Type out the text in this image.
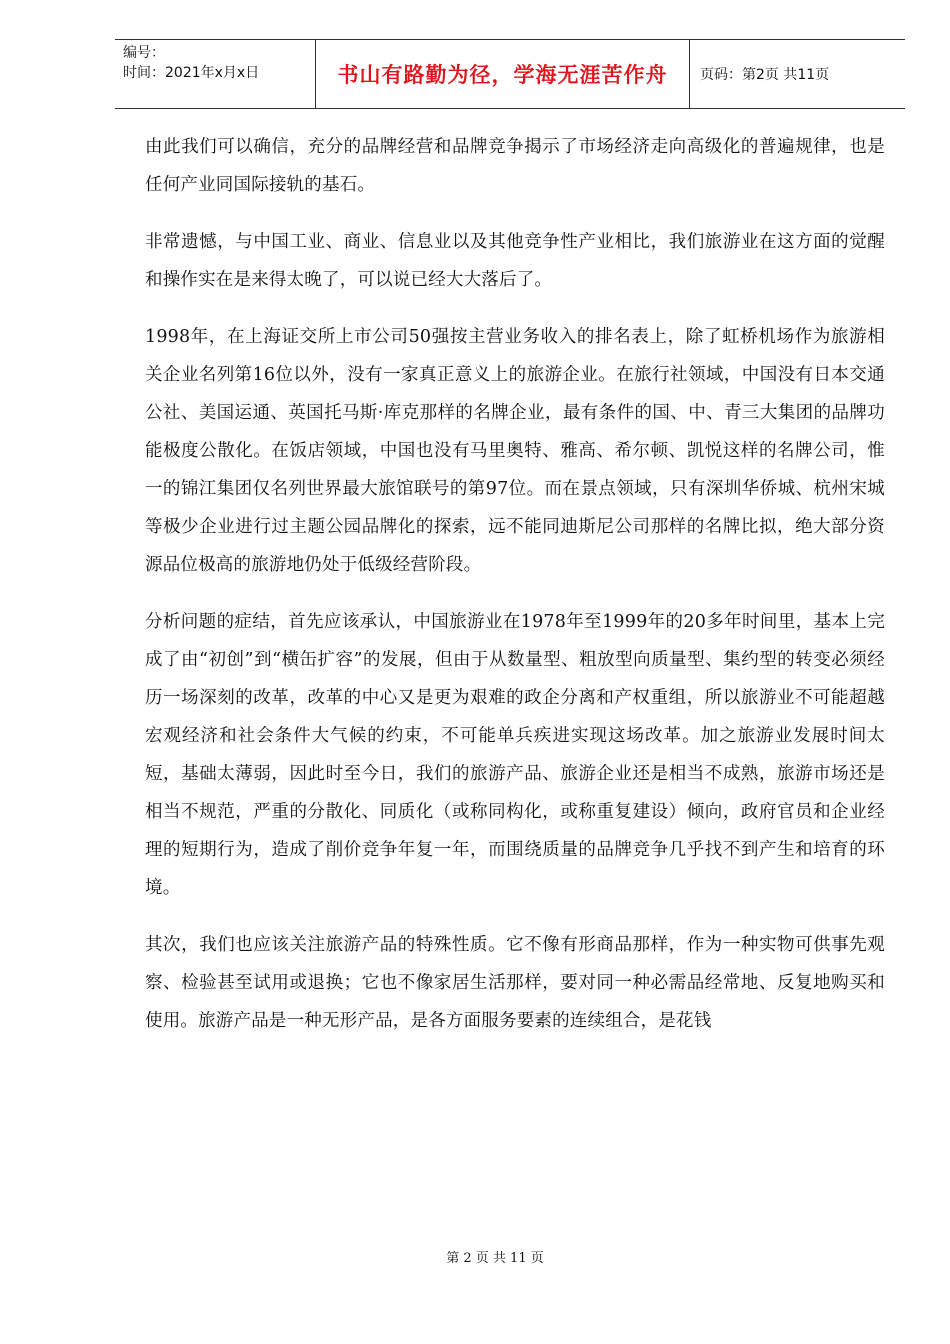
编号：
时间：2021年x月x日	书山有路勤为径，学海无涯苦作舟 页码：第2页 共11页

由此我们可以确信，充分的品牌经营和品牌竞争揭示了市场经济走向高级化的普遍规律，也是任何产业同国际接轨的基石。

非常遗憾，与中国工业、商业、信息业以及其他竞争性产业相比，我们旅游业在这方面的觉醒和操作实在是来得太晚了，可以说已经大大落后了。

1998年，在上海证交所上市公司50强按主营业务收入的排名表上，除了虹桥机场作为旅游相关企业名列第16位以外，没有一家真正意义上的旅游企业。在旅行社领域，中国没有日本交通公社、美国运通、英国托马斯·库克那样的名牌企业，最有条件的国、中、青三大集团的品牌功能极度公散化。在饭店领域，中国也没有马里奥特、雅高、希尔顿、凯悦这样的名牌公司，惟一的锦江集团仅名列世界最大旅馆联号的第97位。而在景点领域，只有深圳华侨城、杭州宋城等极少企业进行过主题公园品牌化的探索，远不能同迪斯尼公司那样的名牌比拟，绝大部分资源品位极高的旅游地仍处于低级经营阶段。

分析问题的症结，首先应该承认，中国旅游业在1978年至1999年的20多年时间里，基本上完成了由“初创”到“横缶扩容”的发展，但由于从数量型、粗放型向质量型、集约型的转变必须经历一场深刻的改革，改革的中心又是更为艰难的政企分离和产权重组，所以旅游业不可能超越宏观经济和社会条件大气候的约束，不可能单兵疾进实现这场改革。加之旅游业发展时间太短，基础太薄弱，因此时至今日，我们的旅游产品、旅游企业还是相当不成熟，旅游市场还是相当不规范，严重的分散化、同质化（或称同构化，或称重复建设）倾向，政府官员和企业经理的短期行为，造成了削价竞争年复一年，而围绕质量的品牌竞争几乎找不到产生和培育的环境。

其次，我们也应该关注旅游产品的特殊性质。它不像有形商品那样，作为一种实物可供事先观察、检验甚至试用或退换；它也不像家居生活那样，要对同一种必需品经常地、反复地购买和使用。旅游产品是一种无形产品，是各方面服务要素的连续组合，是花钱

第 2 页 共 11 页
